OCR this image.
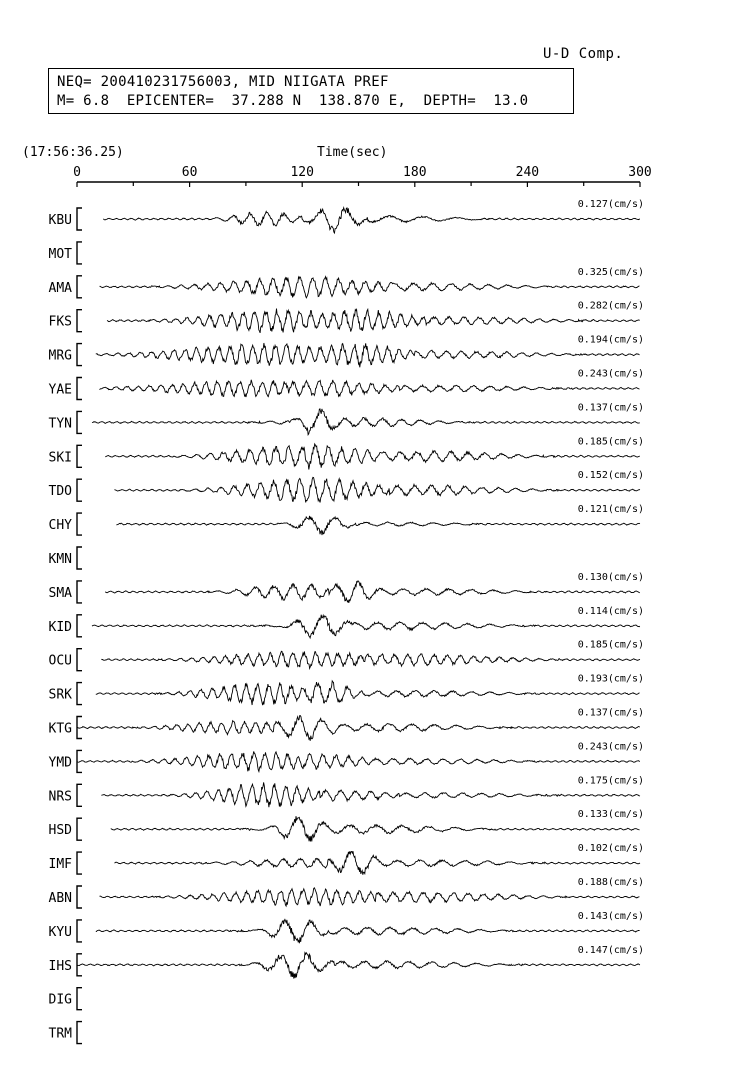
U-D Comp.
NEQ= 200410231756003, MID NIIGATA PREF
M= 6.8  EPICENTER=  37.288 N  138.870 E,  DEPTH=  13.0
(17:56:36.25)	Time(sec)
0	60	120	180	240	300
KBU
0.127(cm/s)
MOT
AMA
0.325(cm/s)
FKS
0.282(cm/s)
MRG
0.194(cm/s)
YAE
0.243(cm/s)
TYN
0.137(cm/s)
SKI
0.185(cm/s)
TDO
0.152(cm/s)
CHY
0.121(cm/s)
KMN
SMA
0.130(cm/s)
KID
0.114(cm/s)
OCU
0.185(cm/s)
SRK
0.193(cm/s)
KTG
0.137(cm/s)
YMD
0.243(cm/s)
NRS
0.175(cm/s)
HSD
0.133(cm/s)
IMF
0.102(cm/s)
ABN
0.188(cm/s)
KYU
0.143(cm/s)
IHS
0.147(cm/s)
DIG
TRM
